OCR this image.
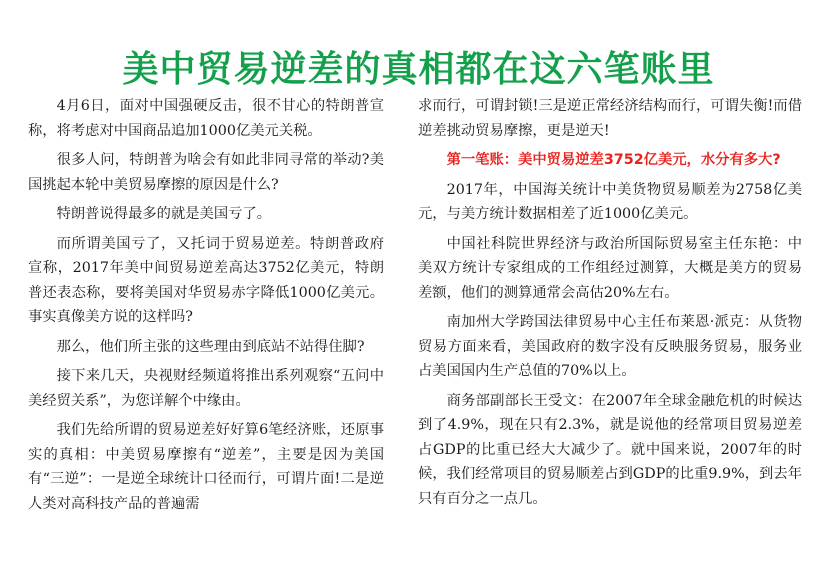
美中贸易逆差的真相都在这六笔账里

4月6日，面对中国强硬反击，很不甘心的特朗普宣称，将考虑对中国商品追加1000亿美元关税。

很多人问，特朗普为啥会有如此非同寻常的举动?美国挑起本轮中美贸易摩擦的原因是什么?

特朗普说得最多的就是美国亏了。

而所谓美国亏了，又托词于贸易逆差。特朗普政府宣称，2017年美中间贸易逆差高达3752亿美元，特朗普还表态称，要将美国对华贸易赤字降低1000亿美元。事实真像美方说的这样吗?

那么，他们所主张的这些理由到底站不站得住脚?

接下来几天，央视财经频道将推出系列观察“五问中美经贸关系”，为您详解个中缘由。

我们先给所谓的贸易逆差好好算6笔经济账，还原事实的真相：中美贸易摩擦有“逆差”，主要是因为美国有“三逆”：一是逆全球统计口径而行，可谓片面!二是逆人类对高科技产品的普遍需

求而行，可谓封锁!三是逆正常经济结构而行，可谓失衡!而借逆差挑动贸易摩擦，更是逆天!

第一笔账：美中贸易逆差3752亿美元，水分有多大?

2017年，中国海关统计中美货物贸易顺差为2758亿美元，与美方统计数据相差了近1000亿美元。

中国社科院世界经济与政治所国际贸易室主任东艳：中美双方统计专家组成的工作组经过测算，大概是美方的贸易差额，他们的测算通常会高估20%左右。

南加州大学跨国法律贸易中心主任布莱恩·派克：从货物贸易方面来看，美国政府的数字没有反映服务贸易，服务业占美国国内生产总值的70%以上。

商务部副部长王受文：在2007年全球金融危机的时候达到了4.9%，现在只有2.3%，就是说他的经常项目贸易逆差占GDP的比重已经大大减少了。就中国来说，2007年的时候，我们经常项目的贸易顺差占到GDP的比重9.9%，到去年只有百分之一点几。
